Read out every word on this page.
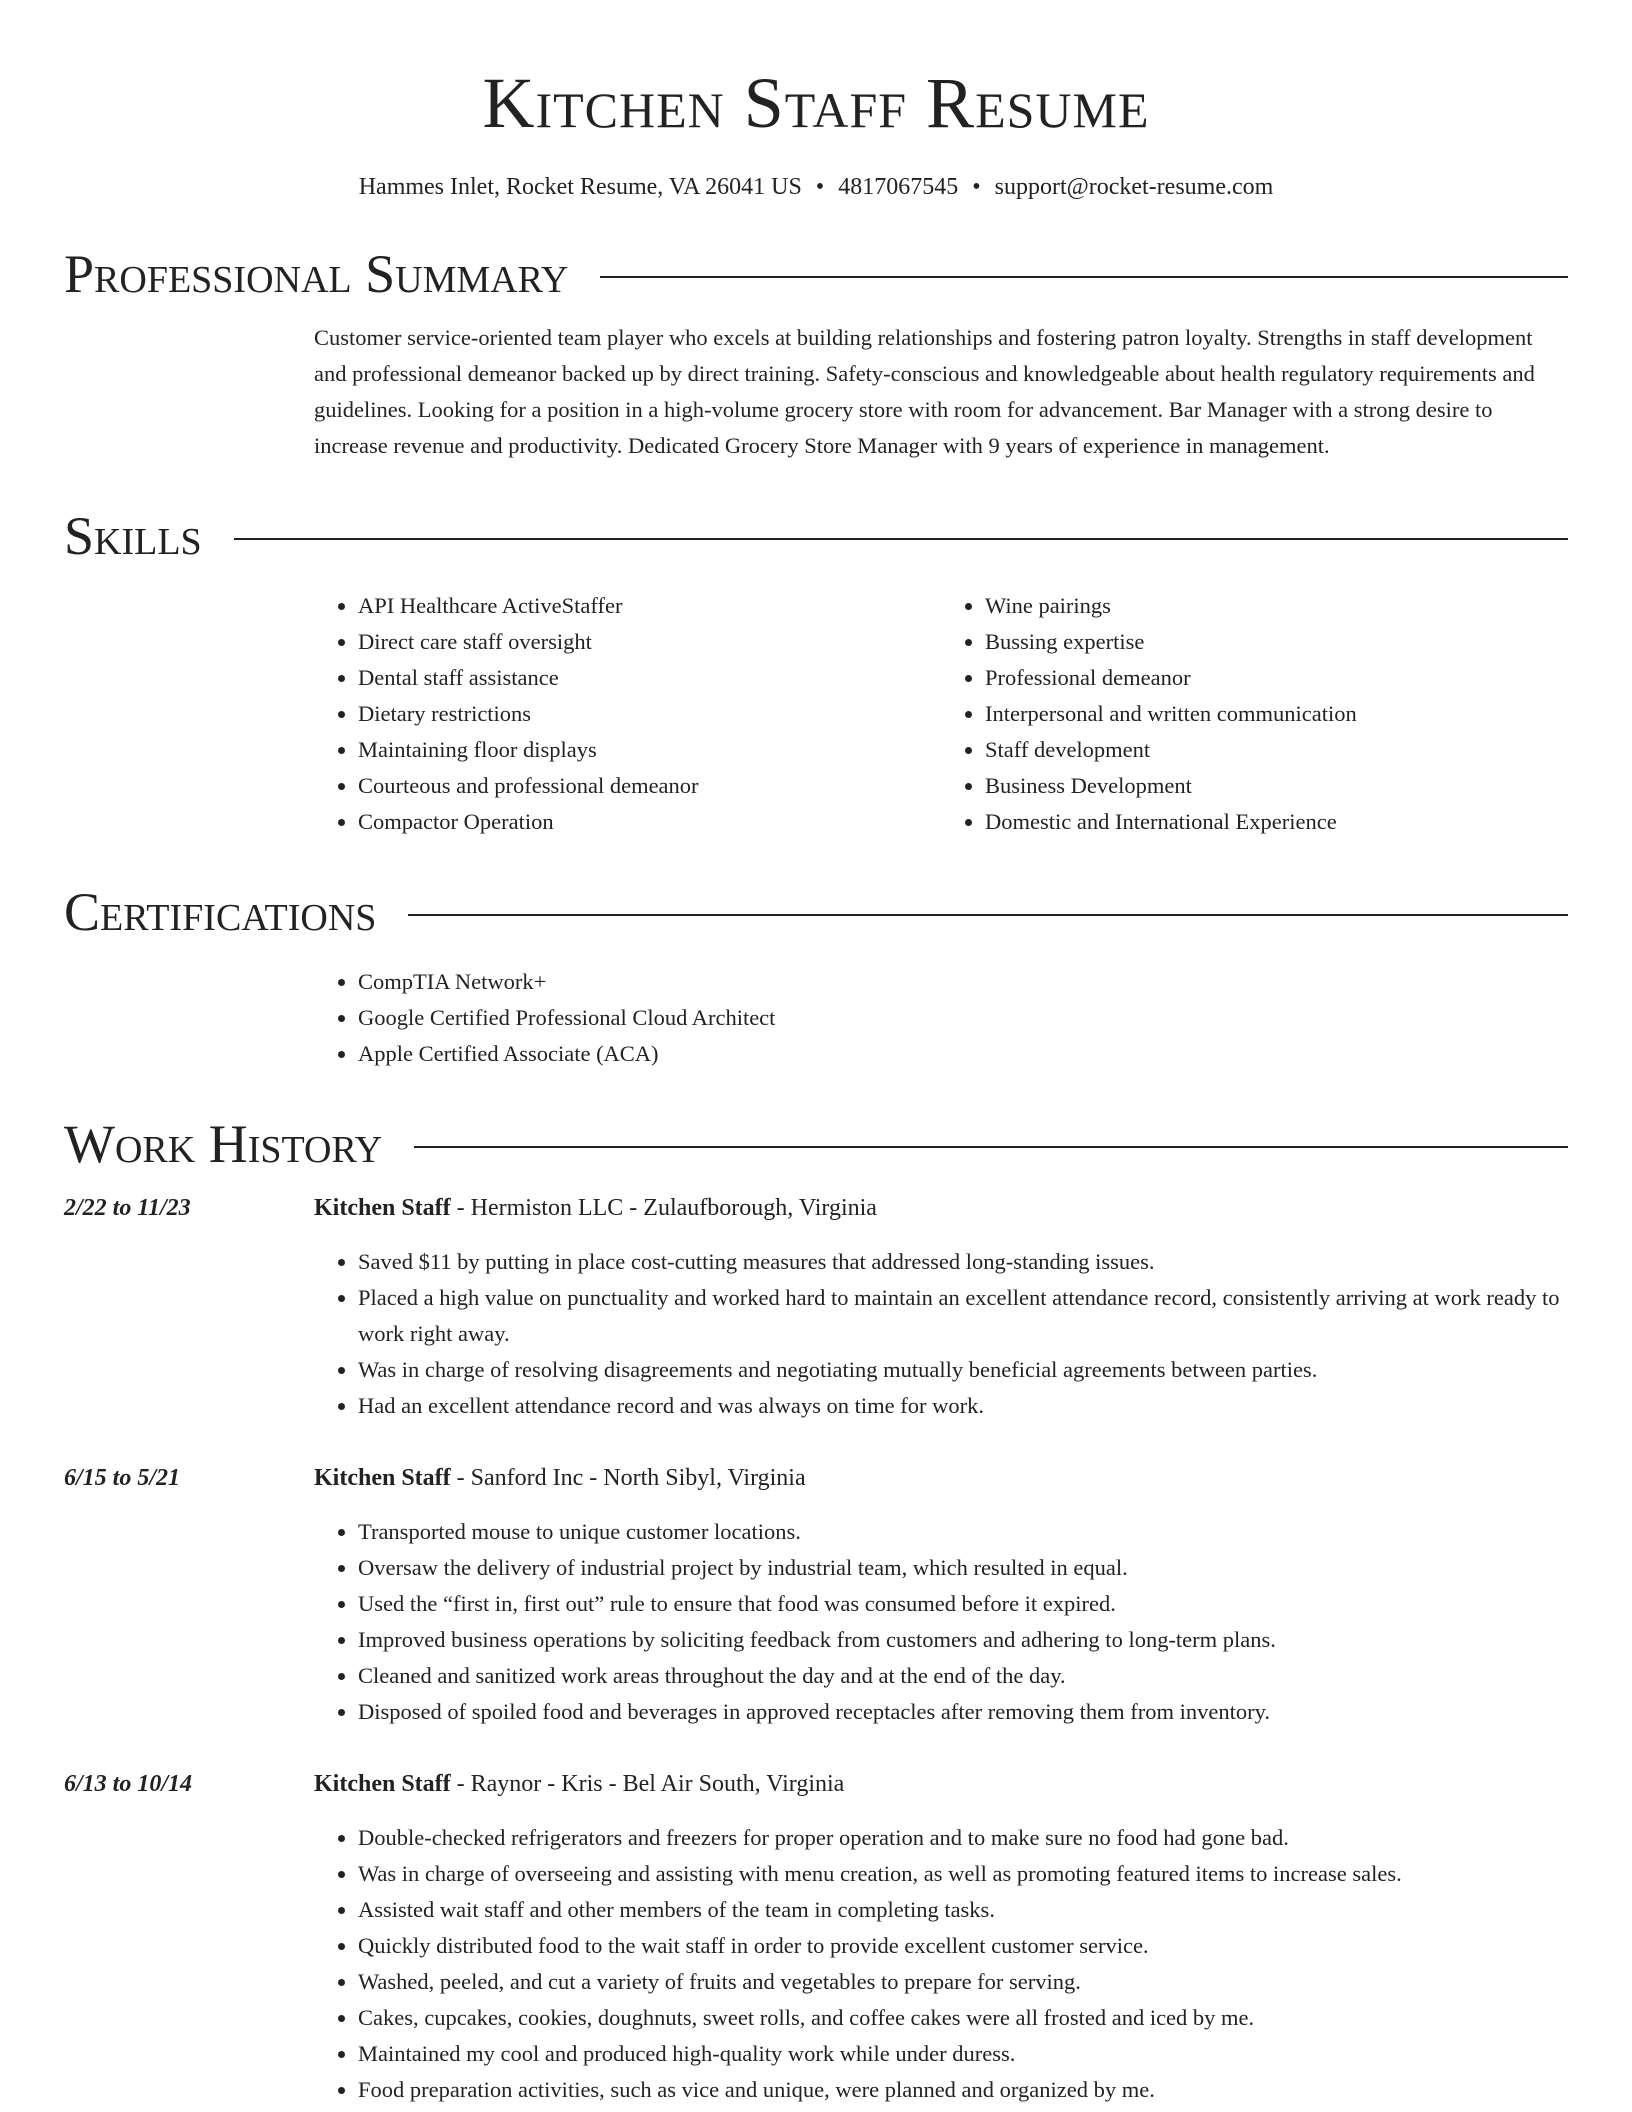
Kitchen Staff Resume
Hammes Inlet, Rocket Resume, VA 26041 US • 4817067545 • support@rocket-resume.com
Professional Summary
Customer service-oriented team player who excels at building relationships and fostering patron loyalty. Strengths in staff development and professional demeanor backed up by direct training. Safety-conscious and knowledgeable about health regulatory requirements and guidelines. Looking for a position in a high-volume grocery store with room for advancement. Bar Manager with a strong desire to increase revenue and productivity. Dedicated Grocery Store Manager with 9 years of experience in management.
Skills
• API Healthcare ActiveStaffer
• Direct care staff oversight
• Dental staff assistance
• Dietary restrictions
• Maintaining floor displays
• Courteous and professional demeanor
• Compactor Operation
• Wine pairings
• Bussing expertise
• Professional demeanor
• Interpersonal and written communication
• Staff development
• Business Development
• Domestic and International Experience
Certifications
• CompTIA Network+
• Google Certified Professional Cloud Architect
• Apple Certified Associate (ACA)
Work History
2/22 to 11/23	Kitchen Staff - Hermiston LLC - Zulaufborough, Virginia
• Saved $11 by putting in place cost-cutting measures that addressed long-standing issues.
• Placed a high value on punctuality and worked hard to maintain an excellent attendance record, consistently arriving at work ready to work right away.
• Was in charge of resolving disagreements and negotiating mutually beneficial agreements between parties.
• Had an excellent attendance record and was always on time for work.
6/15 to 5/21	Kitchen Staff - Sanford Inc - North Sibyl, Virginia
• Transported mouse to unique customer locations.
• Oversaw the delivery of industrial project by industrial team, which resulted in equal.
• Used the “first in, first out” rule to ensure that food was consumed before it expired.
• Improved business operations by soliciting feedback from customers and adhering to long-term plans.
• Cleaned and sanitized work areas throughout the day and at the end of the day.
• Disposed of spoiled food and beverages in approved receptacles after removing them from inventory.
6/13 to 10/14	Kitchen Staff - Raynor - Kris - Bel Air South, Virginia
• Double-checked refrigerators and freezers for proper operation and to make sure no food had gone bad.
• Was in charge of overseeing and assisting with menu creation, as well as promoting featured items to increase sales.
• Assisted wait staff and other members of the team in completing tasks.
• Quickly distributed food to the wait staff in order to provide excellent customer service.
• Washed, peeled, and cut a variety of fruits and vegetables to prepare for serving.
• Cakes, cupcakes, cookies, doughnuts, sweet rolls, and coffee cakes were all frosted and iced by me.
• Maintained my cool and produced high-quality work while under duress.
• Food preparation activities, such as vice and unique, were planned and organized by me.
